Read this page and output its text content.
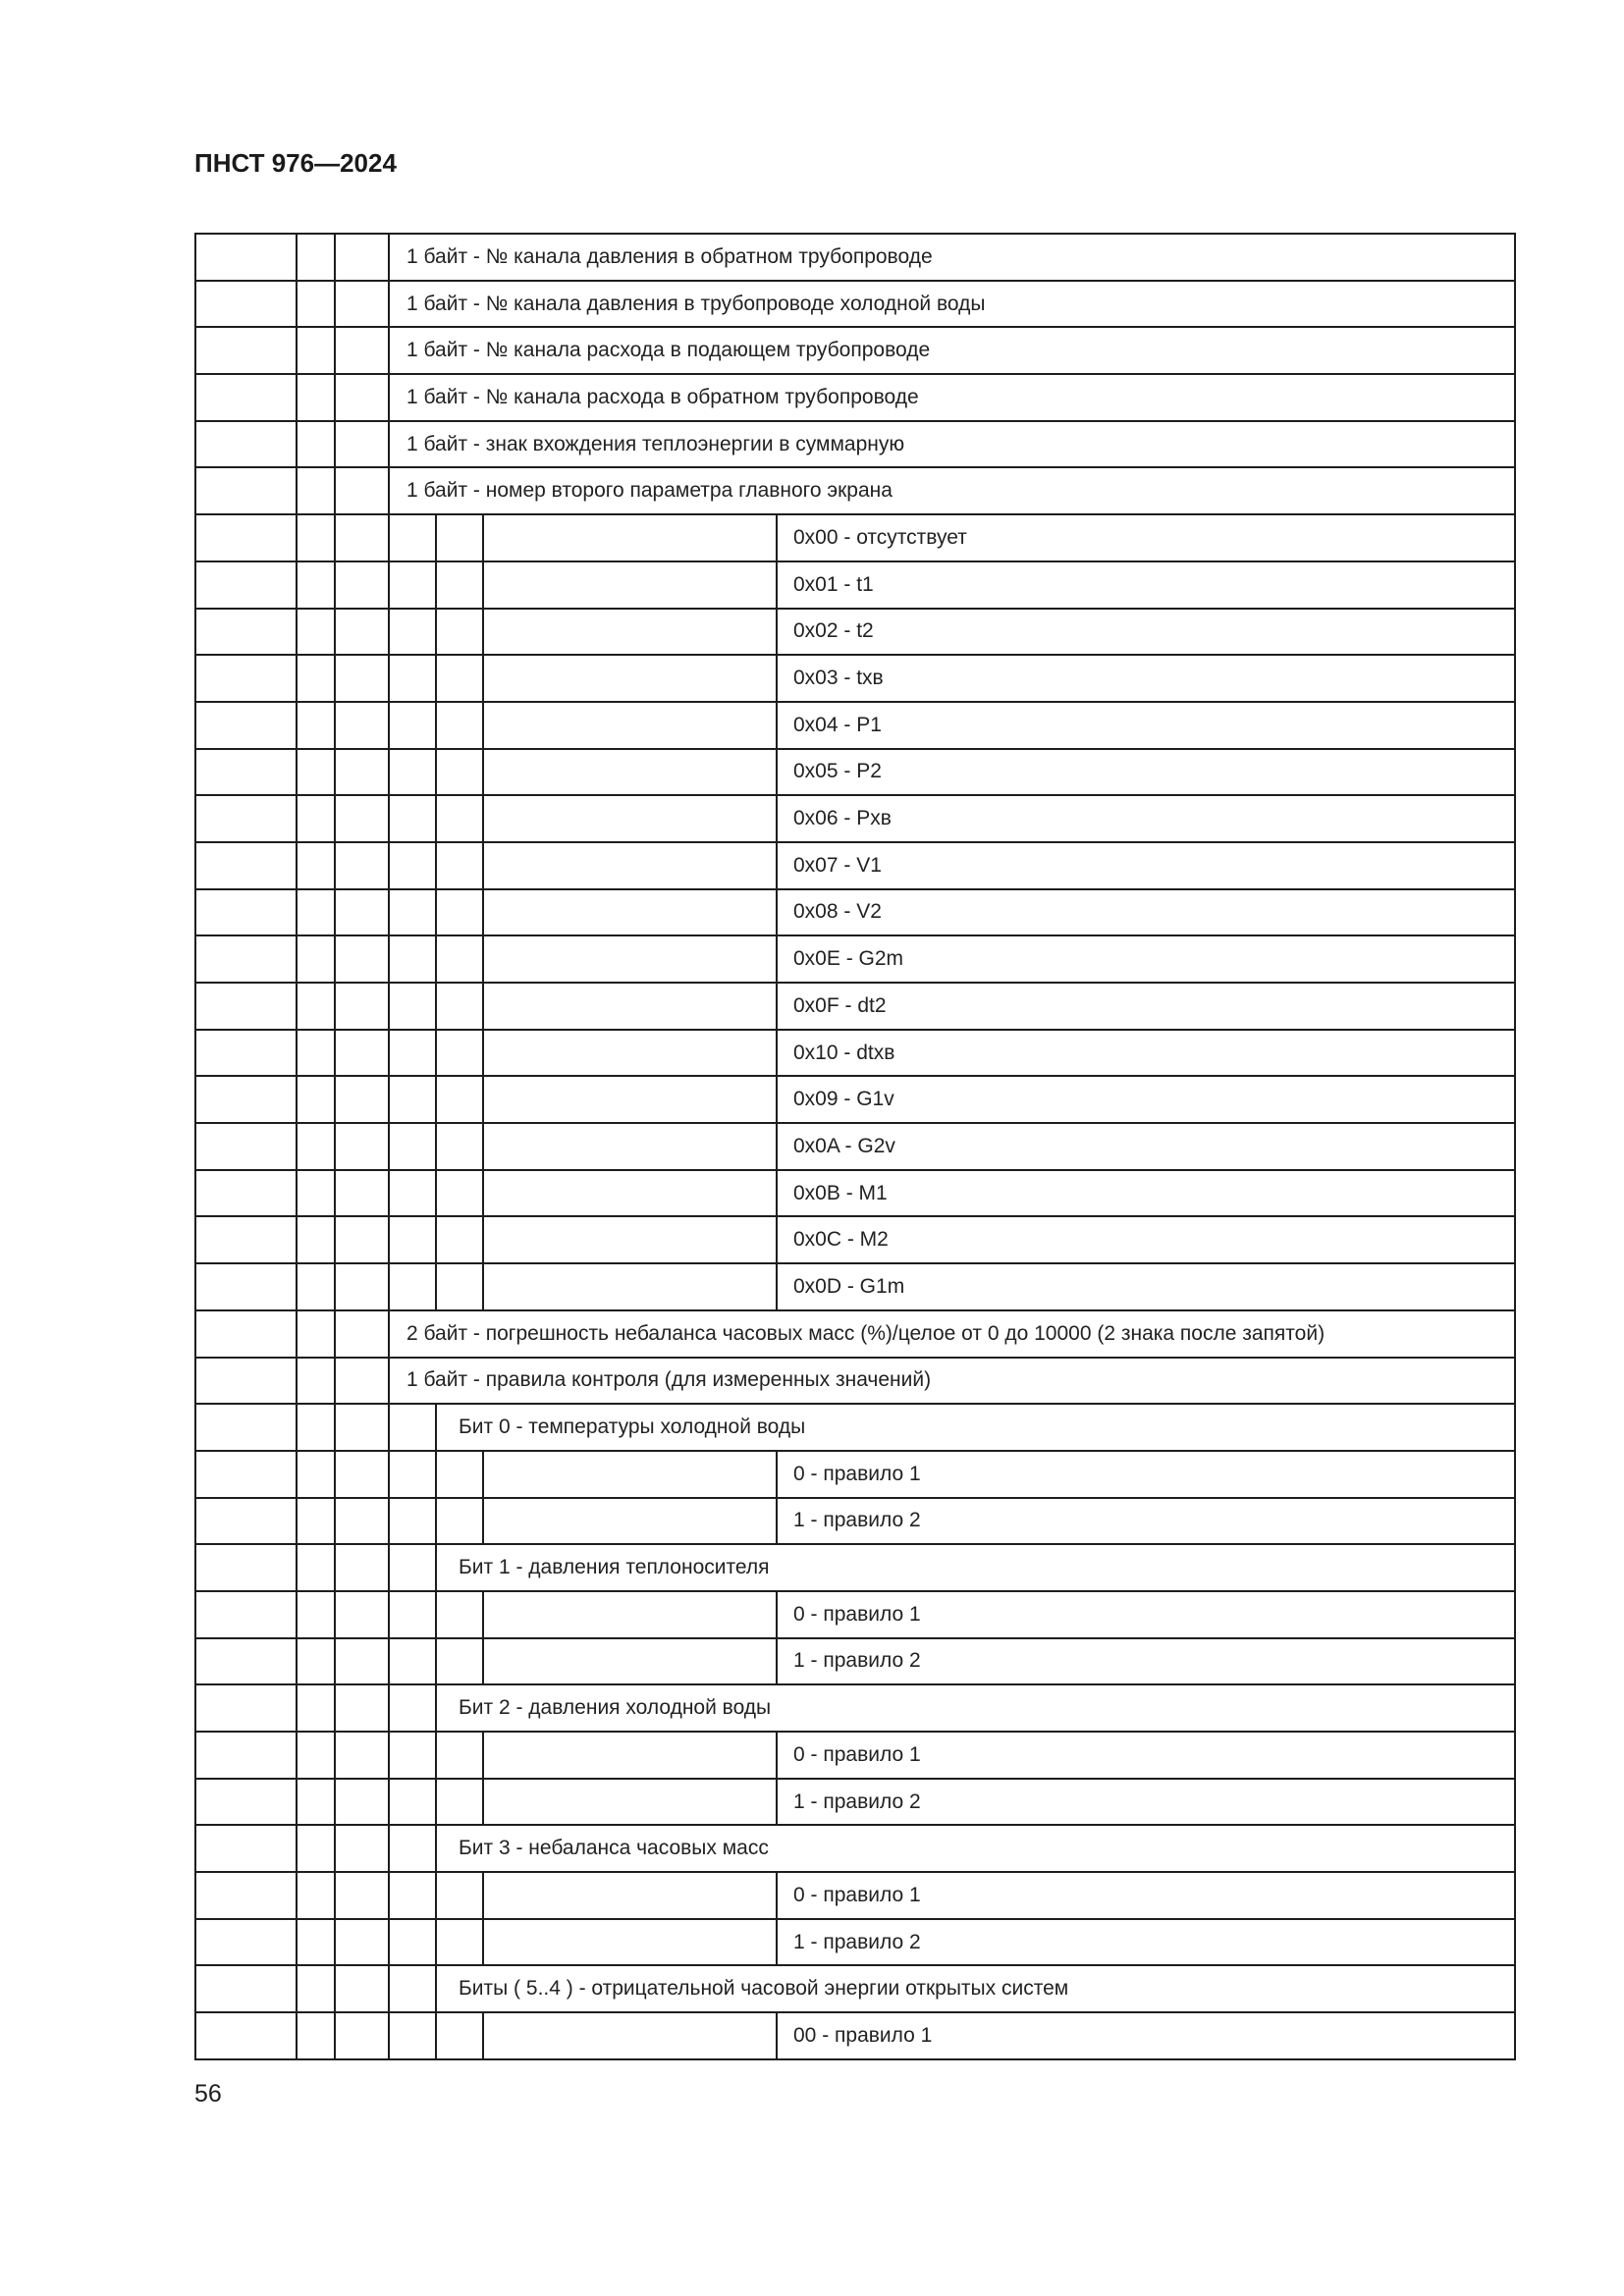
ПНСТ 976—2024
			1 байт - № канала давления в обратном трубопроводе			
			1 байт - № канала давления в трубопроводе холодной воды			
			1 байт - № канала расхода в подающем трубопроводе			
			1 байт - № канала расхода в обратном трубопроводе			
			1 байт - знак вхождения теплоэнергии в суммарную			
			1 байт - номер второго параметра главного экрана			
						0x00 - отсутствует
						0x01 - t1
						0x02 - t2
						0x03 - tхв
						0x04 - P1
						0x05 - P2
						0x06 - Pхв
						0x07 - V1
						0x08 - V2
						0x0E - G2m
						0x0F - dt2
						0x10 - dtхв
						0x09 - G1v
						0x0A - G2v
						0x0B - M1
						0x0C - M2
						0x0D - G1m
			2 байт - погрешность небаланса часовых масс (%)/целое от 0 до 10000 (2 знака после запятой)			
			1 байт - правила контроля (для измеренных значений)			
				Бит 0 - температуры холодной воды		
						0 - правило 1
						1 - правило 2
				Бит 1 - давления теплоносителя		
						0 - правило 1
						1 - правило 2
				Бит 2 - давления холодной воды		
						0 - правило 1
						1 - правило 2
				Бит 3 - небаланса часовых масс		
						0 - правило 1
						1 - правило 2
				Биты ( 5..4 ) - отрицательной часовой энергии открытых систем		
						00 - правило 1
56
